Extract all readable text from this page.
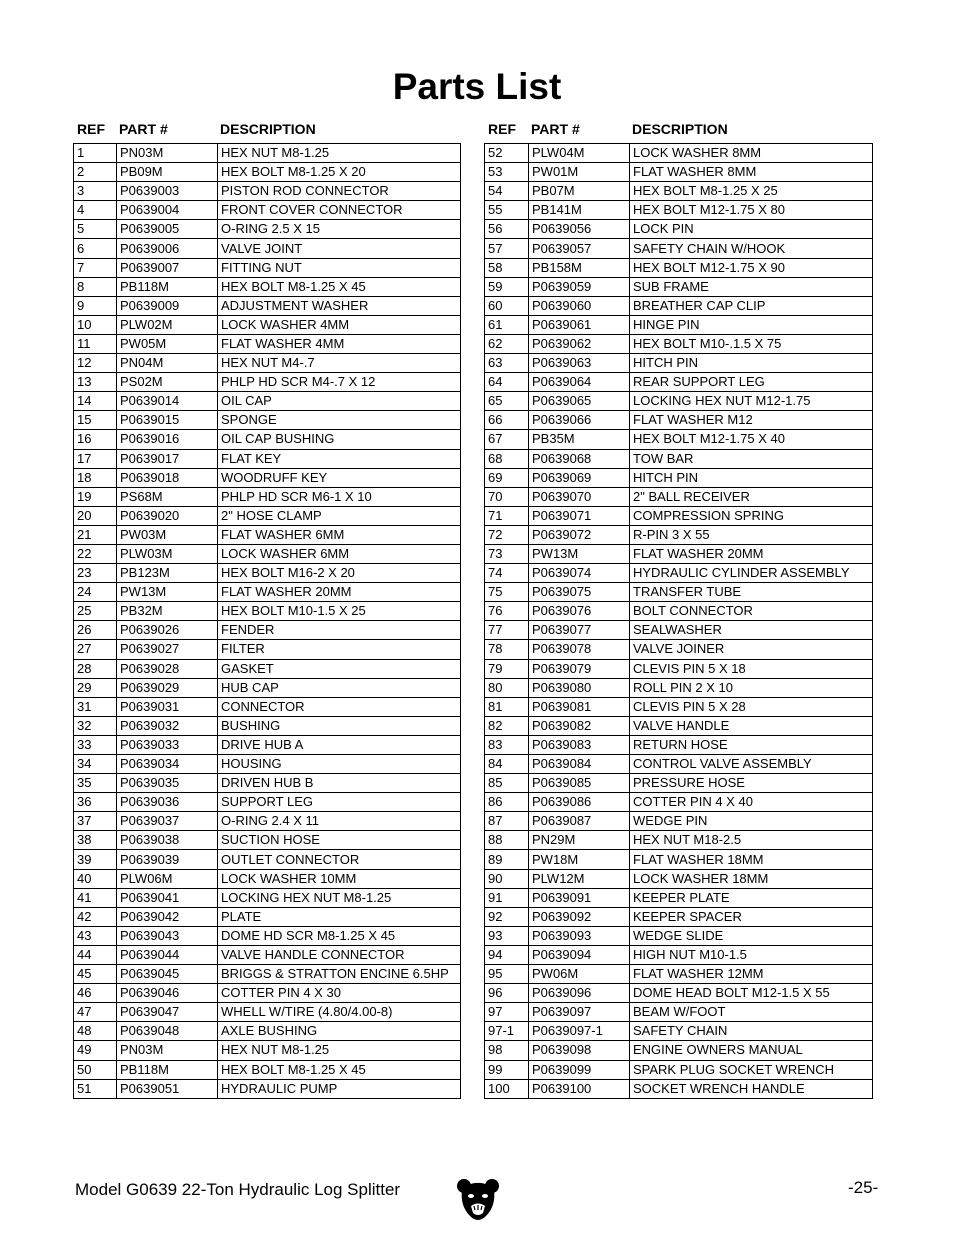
Parts List
REF PART #	DESCRIPTION
1	PN03M	HEX NUT M8-1.25
2	PB09M	HEX BOLT M8-1.25 X 20
3	P0639003	PISTON ROD CONNECTOR
4	P0639004	FRONT COVER CONNECTOR
5	P0639005	O-RING 2.5 X 15
6	P0639006	VALVE JOINT
7	P0639007	FITTING NUT
8	PB118M	HEX BOLT M8-1.25 X 45
9	P0639009	ADJUSTMENT WASHER
10	PLW02M	LOCK WASHER 4MM
11	PW05M	FLAT WASHER 4MM
12	PN04M	HEX NUT M4-.7
13	PS02M	PHLP HD SCR M4-.7 X 12
14	P0639014	OIL CAP
15	P0639015	SPONGE
16	P0639016	OIL CAP BUSHING
17	P0639017	FLAT KEY
18	P0639018	WOODRUFF KEY
19	PS68M	PHLP HD SCR M6-1 X 10
20	P0639020	2" HOSE CLAMP
21	PW03M	FLAT WASHER 6MM
22	PLW03M	LOCK WASHER 6MM
23	PB123M	HEX BOLT M16-2 X 20
24	PW13M	FLAT WASHER 20MM
25	PB32M	HEX BOLT M10-1.5 X 25
26	P0639026	FENDER
27	P0639027	FILTER
28	P0639028	GASKET
29	P0639029	HUB CAP
31	P0639031	CONNECTOR
32	P0639032	BUSHING
33	P0639033	DRIVE HUB A
34	P0639034	HOUSING
35	P0639035	DRIVEN HUB B
36	P0639036	SUPPORT LEG
37	P0639037	O-RING 2.4 X 11
38	P0639038	SUCTION HOSE
39	P0639039	OUTLET CONNECTOR
40	PLW06M	LOCK WASHER 10MM
41	P0639041	LOCKING HEX NUT M8-1.25
42	P0639042	PLATE
43	P0639043	DOME HD SCR M8-1.25 X 45
44	P0639044	VALVE HANDLE CONNECTOR
45	P0639045	BRIGGS & STRATTON ENCINE 6.5HP
46	P0639046	COTTER PIN 4 X 30
47	P0639047	WHELL W/TIRE (4.80/4.00-8)
48	P0639048	AXLE BUSHING
49	PN03M	HEX NUT M8-1.25
50	PB118M	HEX BOLT M8-1.25 X 45
51	P0639051	HYDRAULIC PUMP
REF PART #	DESCRIPTION
52	PLW04M	LOCK WASHER 8MM
53	PW01M	FLAT WASHER 8MM
54	PB07M	HEX BOLT M8-1.25 X 25
55	PB141M	HEX BOLT M12-1.75 X 80
56	P0639056	LOCK PIN
57	P0639057	SAFETY CHAIN W/HOOK
58	PB158M	HEX BOLT M12-1.75 X 90
59	P0639059	SUB FRAME
60	P0639060	BREATHER CAP CLIP
61	P0639061	HINGE PIN
62	P0639062	HEX BOLT M10-.1.5 X 75
63	P0639063	HITCH PIN
64	P0639064	REAR SUPPORT LEG
65	P0639065	LOCKING HEX NUT M12-1.75
66	P0639066	FLAT WASHER M12
67	PB35M	HEX BOLT M12-1.75 X 40
68	P0639068	TOW BAR
69	P0639069	HITCH PIN
70	P0639070	2" BALL RECEIVER
71	P0639071	COMPRESSION SPRING
72	P0639072	R-PIN 3 X 55
73	PW13M	FLAT WASHER 20MM
74	P0639074	HYDRAULIC CYLINDER ASSEMBLY
75	P0639075	TRANSFER TUBE
76	P0639076	BOLT CONNECTOR
77	P0639077	SEALWASHER
78	P0639078	VALVE JOINER
79	P0639079	CLEVIS PIN 5 X 18
80	P0639080	ROLL PIN 2 X 10
81	P0639081	CLEVIS PIN 5 X 28
82	P0639082	VALVE HANDLE
83	P0639083	RETURN HOSE
84	P0639084	CONTROL VALVE ASSEMBLY
85	P0639085	PRESSURE HOSE
86	P0639086	COTTER PIN 4 X 40
87	P0639087	WEDGE PIN
88	PN29M	HEX NUT M18-2.5
89	PW18M	FLAT WASHER 18MM
90	PLW12M	LOCK WASHER 18MM
91	P0639091	KEEPER PLATE
92	P0639092	KEEPER SPACER
93	P0639093	WEDGE SLIDE
94	P0639094	HIGH NUT M10-1.5
95	PW06M	FLAT WASHER 12MM
96	P0639096	DOME HEAD BOLT M12-1.5 X 55
97	P0639097	BEAM W/FOOT
97-1	P0639097-1	SAFETY CHAIN
98	P0639098	ENGINE OWNERS MANUAL
99	P0639099	SPARK PLUG SOCKET WRENCH
100	P0639100	SOCKET WRENCH HANDLE
Model G0639 22-Ton Hydraulic Log Splitter	-25-
